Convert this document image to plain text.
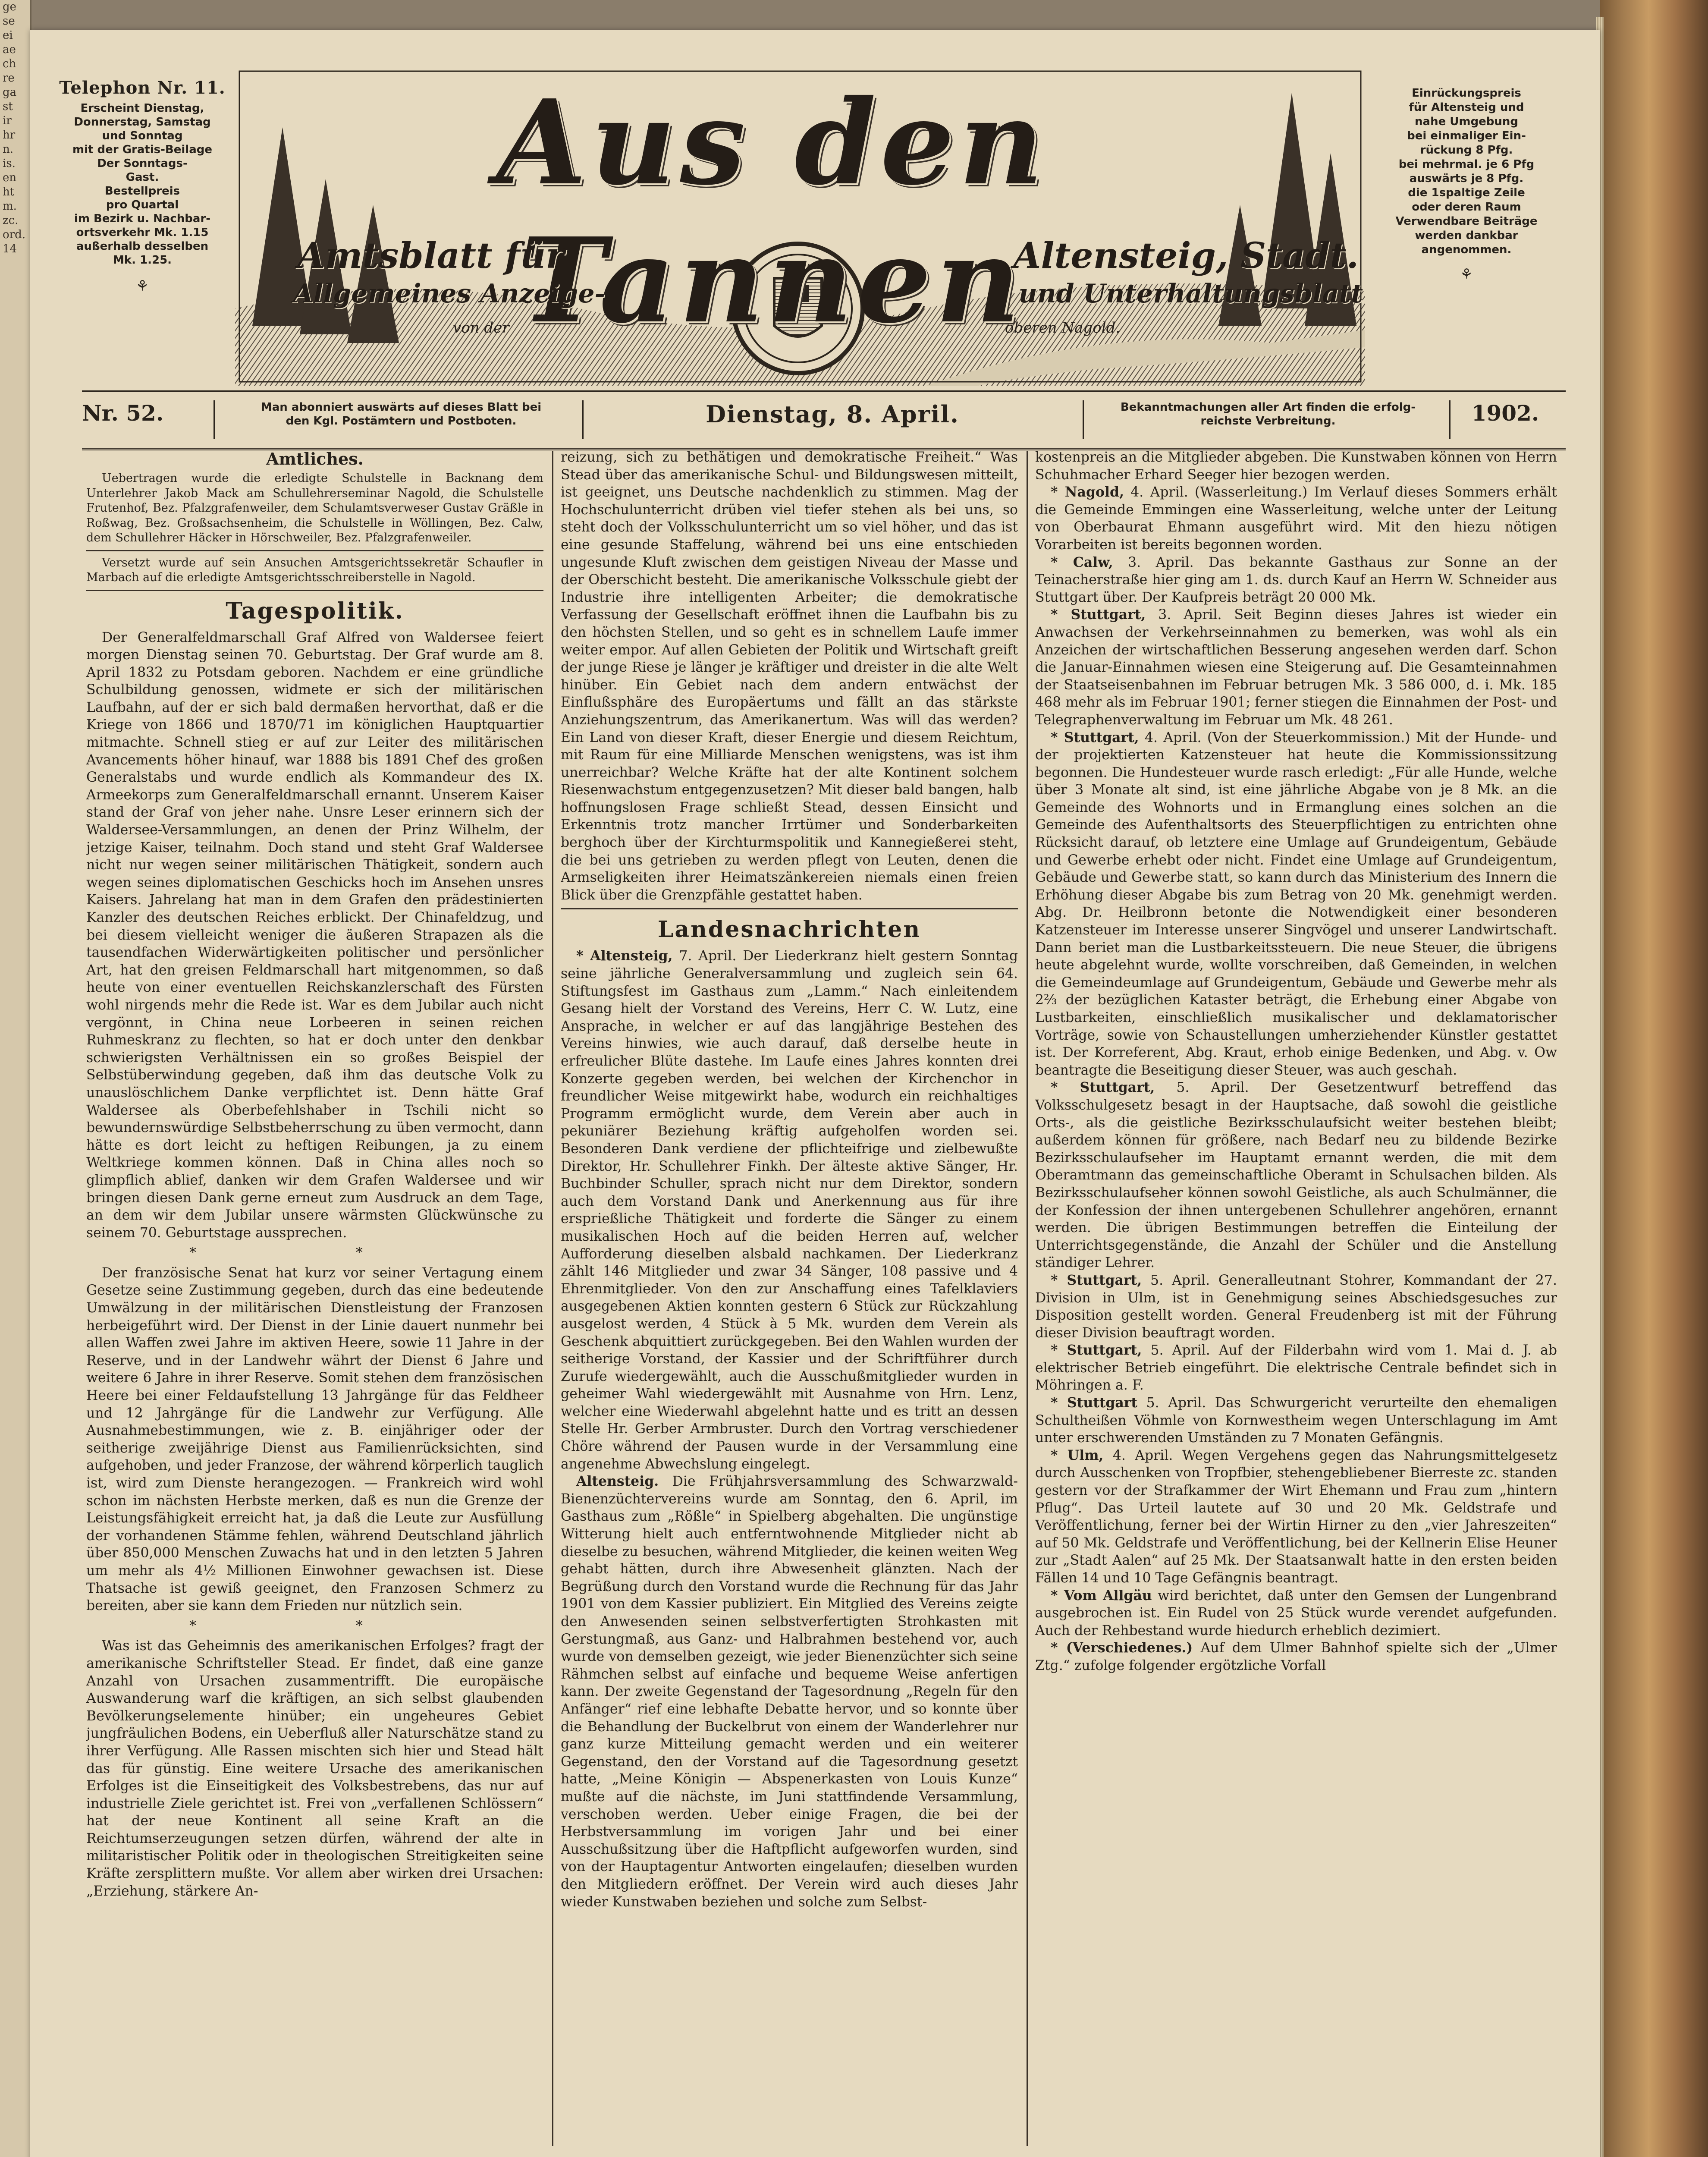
ge
se
ei
ae
ch
re
ga
st
ir
hr
n.
is.
en
ht
m.
zc.
ord.
14
Aus den Tannen
Amtsblatt für	Altensteig, Stadt.
Allgemeines Anzeige-	und Unterhaltungsblatt
von der	oberen Nagold.
Telephon Nr. 11.
Erscheint Dienstag,
Donnerstag, Samstag
und Sonntag
mit der Gratis-Beilage
Der Sonntags-
Gast.
Bestellpreis
pro Quartal
im Bezirk u. Nachbar-
ortsverkehr Mk. 1.15
außerhalb desselben
Mk. 1.25.
⚘
Einrückungspreis
für Altensteig und
nahe Umgebung
bei einmaliger Ein-
rückung 8 Pfg.
bei mehrmal. je 6 Pfg
auswärts je 8 Pfg.
die 1spaltige Zeile
oder deren Raum
Verwendbare Beiträge
werden dankbar
angenommen.
⚘
Nr. 52.	Man abonniert auswärts auf dieses Blatt bei
den Kgl. Postämtern und Postboten.	Dienstag, 8. April.	Bekanntmachungen aller Art finden die erfolg-
reichste Verbreitung.	1902.
Amtliches.

Uebertragen wurde die erledigte Schulstelle in Backnang dem Unterlehrer Jakob Mack am Schullehrerseminar Nagold, die Schulstelle Frutenhof, Bez. Pfalzgrafenweiler, dem Schulamtsverweser Gustav Gräßle in Roßwag, Bez. Großsachsenheim, die Schulstelle in Wöllingen, Bez. Calw, dem Schullehrer Häcker in Hörschweiler, Bez. Pfalzgrafenweiler.

Versetzt wurde auf sein Ansuchen Amtsgerichtssekretär Schaufler in Marbach auf die erledigte Amtsgerichtsschreiberstelle in Nagold.

Tagespolitik.

Der Generalfeldmarschall Graf Alfred von Waldersee feiert morgen Dienstag seinen 70. Geburtstag. Der Graf wurde am 8. April 1832 zu Potsdam geboren. Nachdem er eine gründliche Schulbildung genossen, widmete er sich der militärischen Laufbahn, auf der er sich bald dermaßen hervorthat, daß er die Kriege von 1866 und 1870/71 im königlichen Hauptquartier mitmachte. Schnell stieg er auf zur Leiter des militärischen Avancements höher hinauf, war 1888 bis 1891 Chef des großen Generalstabs und wurde endlich als Kommandeur des IX. Armeekorps zum Generalfeldmarschall ernannt. Unserem Kaiser stand der Graf von jeher nahe. Unsre Leser erinnern sich der Waldersee-Versammlungen, an denen der Prinz Wilhelm, der jetzige Kaiser, teilnahm. Doch stand und steht Graf Waldersee nicht nur wegen seiner militärischen Thätigkeit, sondern auch wegen seines diplomatischen Geschicks hoch im Ansehen unsres Kaisers. Jahrelang hat man in dem Grafen den prädestinierten Kanzler des deutschen Reiches erblickt. Der Chinafeldzug, und bei diesem vielleicht weniger die äußeren Strapazen als die tausendfachen Widerwärtigkeiten politischer und persönlicher Art, hat den greisen Feldmarschall hart mitgenommen, so daß heute von einer eventuellen Reichskanzlerschaft des Fürsten wohl nirgends mehr die Rede ist. War es dem Jubilar auch nicht vergönnt, in China neue Lorbeeren in seinen reichen Ruhmeskranz zu flechten, so hat er doch unter den denkbar schwierigsten Verhältnissen ein so großes Beispiel der Selbstüberwindung gegeben, daß ihm das deutsche Volk zu unauslöschlichem Danke verpflichtet ist. Denn hätte Graf Waldersee als Oberbefehlshaber in Tschili nicht so bewundernswürdige Selbstbeherrschung zu üben vermocht, dann hätte es dort leicht zu heftigen Reibungen, ja zu einem Weltkriege kommen können. Daß in China alles noch so glimpflich ablief, danken wir dem Grafen Waldersee und wir bringen diesen Dank gerne erneut zum Ausdruck an dem Tage, an dem wir dem Jubilar unsere wärmsten Glückwünsche zu seinem 70. Geburtstage aussprechen.

* *

Der französische Senat hat kurz vor seiner Vertagung einem Gesetze seine Zustimmung gegeben, durch das eine bedeutende Umwälzung in der militärischen Dienstleistung der Franzosen herbeigeführt wird. Der Dienst in der Linie dauert nunmehr bei allen Waffen zwei Jahre im aktiven Heere, sowie 11 Jahre in der Reserve, und in der Landwehr währt der Dienst 6 Jahre und weitere 6 Jahre in ihrer Reserve. Somit stehen dem französischen Heere bei einer Feldaufstellung 13 Jahrgänge für das Feldheer und 12 Jahrgänge für die Landwehr zur Verfügung. Alle Ausnahmebestimmungen, wie z. B. einjähriger oder der seitherige zweijährige Dienst aus Familienrücksichten, sind aufgehoben, und jeder Franzose, der während körperlich tauglich ist, wird zum Dienste herangezogen. — Frankreich wird wohl schon im nächsten Herbste merken, daß es nun die Grenze der Leistungsfähigkeit erreicht hat, ja daß die Leute zur Ausfüllung der vorhandenen Stämme fehlen, während Deutschland jährlich über 850,000 Menschen Zuwachs hat und in den letzten 5 Jahren um mehr als 4½ Millionen Einwohner gewachsen ist. Diese Thatsache ist gewiß geeignet, den Franzosen Schmerz zu bereiten, aber sie kann dem Frieden nur nützlich sein.

* *

Was ist das Geheimnis des amerikanischen Erfolges? fragt der amerikanische Schriftsteller Stead. Er findet, daß eine ganze Anzahl von Ursachen zusammentrifft. Die europäische Auswanderung warf die kräftigen, an sich selbst glaubenden Bevölkerungselemente hinüber; ein ungeheures Gebiet jungfräulichen Bodens, ein Ueberfluß aller Naturschätze stand zu ihrer Verfügung. Alle Rassen mischten sich hier und Stead hält das für günstig. Eine weitere Ursache des amerikanischen Erfolges ist die Einseitigkeit des Volksbestrebens, das nur auf industrielle Ziele gerichtet ist. Frei von „verfallenen Schlössern“ hat der neue Kontinent all seine Kraft an die Reichtumserzeugungen setzen dürfen, während der alte in militaristischer Politik oder in theologischen Streitigkeiten seine Kräfte zersplittern mußte. Vor allem aber wirken drei Ursachen: „Erziehung, stärkere An-

reizung, sich zu bethätigen und demokratische Freiheit.“ Was Stead über das amerikanische Schul- und Bildungswesen mitteilt, ist geeignet, uns Deutsche nachdenklich zu stimmen. Mag der Hochschulunterricht drüben viel tiefer stehen als bei uns, so steht doch der Volksschulunterricht um so viel höher, und das ist eine gesunde Staffelung, während bei uns eine entschieden ungesunde Kluft zwischen dem geistigen Niveau der Masse und der Oberschicht besteht. Die amerikanische Volksschule giebt der Industrie ihre intelligenten Arbeiter; die demokratische Verfassung der Gesellschaft eröffnet ihnen die Laufbahn bis zu den höchsten Stellen, und so geht es in schnellem Laufe immer weiter empor. Auf allen Gebieten der Politik und Wirtschaft greift der junge Riese je länger je kräftiger und dreister in die alte Welt hinüber. Ein Gebiet nach dem andern entwächst der Einflußsphäre des Europäertums und fällt an das stärkste Anziehungszentrum, das Amerikanertum. Was will das werden? Ein Land von dieser Kraft, dieser Energie und diesem Reichtum, mit Raum für eine Milliarde Menschen wenigstens, was ist ihm unerreichbar? Welche Kräfte hat der alte Kontinent solchem Riesenwachstum entgegenzusetzen? Mit dieser bald bangen, halb hoffnungslosen Frage schließt Stead, dessen Einsicht und Erkenntnis trotz mancher Irrtümer und Sonderbarkeiten berghoch über der Kirchturmspolitik und Kannegießerei steht, die bei uns getrieben zu werden pflegt von Leuten, denen die Armseligkeiten ihrer Heimatszänkereien niemals einen freien Blick über die Grenzpfähle gestattet haben.

Landesnachrichten

* Altensteig, 7. April. Der Liederkranz hielt gestern Sonntag seine jährliche Generalversammlung und zugleich sein 64. Stiftungsfest im Gasthaus zum „Lamm.“ Nach einleitendem Gesang hielt der Vorstand des Vereins, Herr C. W. Lutz, eine Ansprache, in welcher er auf das langjährige Bestehen des Vereins hinwies, wie auch darauf, daß derselbe heute in erfreulicher Blüte dastehe. Im Laufe eines Jahres konnten drei Konzerte gegeben werden, bei welchen der Kirchenchor in freundlicher Weise mitgewirkt habe, wodurch ein reichhaltiges Programm ermöglicht wurde, dem Verein aber auch in pekuniärer Beziehung kräftig aufgeholfen worden sei. Besonderen Dank verdiene der pflichteifrige und zielbewußte Direktor, Hr. Schullehrer Finkh. Der älteste aktive Sänger, Hr. Buchbinder Schuller, sprach nicht nur dem Direktor, sondern auch dem Vorstand Dank und Anerkennung aus für ihre ersprießliche Thätigkeit und forderte die Sänger zu einem musikalischen Hoch auf die beiden Herren auf, welcher Aufforderung dieselben alsbald nachkamen. Der Liederkranz zählt 146 Mitglieder und zwar 34 Sänger, 108 passive und 4 Ehrenmitglieder. Von den zur Anschaffung eines Tafelklaviers ausgegebenen Aktien konnten gestern 6 Stück zur Rückzahlung ausgelost werden, 4 Stück à 5 Mk. wurden dem Verein als Geschenk abquittiert zurückgegeben. Bei den Wahlen wurden der seitherige Vorstand, der Kassier und der Schriftführer durch Zurufe wiedergewählt, auch die Ausschußmitglieder wurden in geheimer Wahl wiedergewählt mit Ausnahme von Hrn. Lenz, welcher eine Wiederwahl abgelehnt hatte und es tritt an dessen Stelle Hr. Gerber Armbruster. Durch den Vortrag verschiedener Chöre während der Pausen wurde in der Versammlung eine angenehme Abwechslung eingelegt.

Altensteig. Die Frühjahrsversammlung des Schwarzwald-Bienenzüchtervereins wurde am Sonntag, den 6. April, im Gasthaus zum „Rößle“ in Spielberg abgehalten. Die ungünstige Witterung hielt auch entferntwohnende Mitglieder nicht ab dieselbe zu besuchen, während Mitglieder, die keinen weiten Weg gehabt hätten, durch ihre Abwesenheit glänzten. Nach der Begrüßung durch den Vorstand wurde die Rechnung für das Jahr 1901 von dem Kassier publiziert. Ein Mitglied des Vereins zeigte den Anwesenden seinen selbstverfertigten Strohkasten mit Gerstungmaß, aus Ganz- und Halbrahmen bestehend vor, auch wurde von demselben gezeigt, wie jeder Bienenzüchter sich seine Rähmchen selbst auf einfache und bequeme Weise anfertigen kann. Der zweite Gegenstand der Tagesordnung „Regeln für den Anfänger“ rief eine lebhafte Debatte hervor, und so konnte über die Behandlung der Buckelbrut von einem der Wanderlehrer nur ganz kurze Mitteilung gemacht werden und ein weiterer Gegenstand, den der Vorstand auf die Tagesordnung gesetzt hatte, „Meine Königin — Abspenerkasten von Louis Kunze“ mußte auf die nächste, im Juni stattfindende Versammlung, verschoben werden. Ueber einige Fragen, die bei der Herbstversammlung im vorigen Jahr und bei einer Ausschußsitzung über die Haftpflicht aufgeworfen wurden, sind von der Hauptagentur Antworten eingelaufen; dieselben wurden den Mitgliedern eröffnet. Der Verein wird auch dieses Jahr wieder Kunstwaben beziehen und solche zum Selbst-

kostenpreis an die Mitglieder abgeben. Die Kunstwaben können von Herrn Schuhmacher Erhard Seeger hier bezogen werden.

* Nagold, 4. April. (Wasserleitung.) Im Verlauf dieses Sommers erhält die Gemeinde Emmingen eine Wasserleitung, welche unter der Leitung von Oberbaurat Ehmann ausgeführt wird. Mit den hiezu nötigen Vorarbeiten ist bereits begonnen worden.

* Calw, 3. April. Das bekannte Gasthaus zur Sonne an der Teinacherstraße hier ging am 1. ds. durch Kauf an Herrn W. Schneider aus Stuttgart über. Der Kaufpreis beträgt 20 000 Mk.

* Stuttgart, 3. April. Seit Beginn dieses Jahres ist wieder ein Anwachsen der Verkehrseinnahmen zu bemerken, was wohl als ein Anzeichen der wirtschaftlichen Besserung angesehen werden darf. Schon die Januar-Einnahmen wiesen eine Steigerung auf. Die Gesamteinnahmen der Staatseisenbahnen im Februar betrugen Mk. 3 586 000, d. i. Mk. 185 468 mehr als im Februar 1901; ferner stiegen die Einnahmen der Post- und Telegraphenverwaltung im Februar um Mk. 48 261.

* Stuttgart, 4. April. (Von der Steuerkommission.) Mit der Hunde- und der projektierten Katzensteuer hat heute die Kommissionssitzung begonnen. Die Hundesteuer wurde rasch erledigt: „Für alle Hunde, welche über 3 Monate alt sind, ist eine jährliche Abgabe von je 8 Mk. an die Gemeinde des Wohnorts und in Ermanglung eines solchen an die Gemeinde des Aufenthaltsorts des Steuerpflichtigen zu entrichten ohne Rücksicht darauf, ob letztere eine Umlage auf Grundeigentum, Gebäude und Gewerbe erhebt oder nicht. Findet eine Umlage auf Grundeigentum, Gebäude und Gewerbe statt, so kann durch das Ministerium des Innern die Erhöhung dieser Abgabe bis zum Betrag von 20 Mk. genehmigt werden. Abg. Dr. Heilbronn betonte die Notwendigkeit einer besonderen Katzensteuer im Interesse unserer Singvögel und unserer Landwirtschaft. Dann beriet man die Lustbarkeitssteuern. Die neue Steuer, die übrigens heute abgelehnt wurde, wollte vorschreiben, daß Gemeinden, in welchen die Gemeindeumlage auf Grundeigentum, Gebäude und Gewerbe mehr als 2⅔ der bezüglichen Kataster beträgt, die Erhebung einer Abgabe von Lustbarkeiten, einschließlich musikalischer und deklamatorischer Vorträge, sowie von Schaustellungen umherziehender Künstler gestattet ist. Der Korreferent, Abg. Kraut, erhob einige Bedenken, und Abg. v. Ow beantragte die Beseitigung dieser Steuer, was auch geschah.

* Stuttgart, 5. April. Der Gesetzentwurf betreffend das Volksschulgesetz besagt in der Hauptsache, daß sowohl die geistliche Orts-, als die geistliche Bezirksschulaufsicht weiter bestehen bleibt; außerdem können für größere, nach Bedarf neu zu bildende Bezirke Bezirksschulaufseher im Hauptamt ernannt werden, die mit dem Oberamtmann das gemeinschaftliche Oberamt in Schulsachen bilden. Als Bezirksschulaufseher können sowohl Geistliche, als auch Schulmänner, die der Konfession der ihnen untergebenen Schullehrer angehören, ernannt werden. Die übrigen Bestimmungen betreffen die Einteilung der Unterrichtsgegenstände, die Anzahl der Schüler und die Anstellung ständiger Lehrer.

* Stuttgart, 5. April. Generalleutnant Stohrer, Kommandant der 27. Division in Ulm, ist in Genehmigung seines Abschiedsgesuches zur Disposition gestellt worden. General Freudenberg ist mit der Führung dieser Division beauftragt worden.

* Stuttgart, 5. April. Auf der Filderbahn wird vom 1. Mai d. J. ab elektrischer Betrieb eingeführt. Die elektrische Centrale befindet sich in Möhringen a. F.

* Stuttgart 5. April. Das Schwurgericht verurteilte den ehemaligen Schultheißen Vöhmle von Kornwestheim wegen Unterschlagung im Amt unter erschwerenden Umständen zu 7 Monaten Gefängnis.

* Ulm, 4. April. Wegen Vergehens gegen das Nahrungsmittelgesetz durch Ausschenken von Tropfbier, stehengebliebener Bierreste zc. standen gestern vor der Strafkammer der Wirt Ehemann und Frau zum „hintern Pflug“. Das Urteil lautete auf 30 und 20 Mk. Geldstrafe und Veröffentlichung, ferner bei der Wirtin Hirner zu den „vier Jahreszeiten“ auf 50 Mk. Geldstrafe und Veröffentlichung, bei der Kellnerin Elise Heuner zur „Stadt Aalen“ auf 25 Mk. Der Staatsanwalt hatte in den ersten beiden Fällen 14 und 10 Tage Gefängnis beantragt.

* Vom Allgäu wird berichtet, daß unter den Gemsen der Lungenbrand ausgebrochen ist. Ein Rudel von 25 Stück wurde verendet aufgefunden. Auch der Rehbestand wurde hiedurch erheblich dezimiert.

* (Verschiedenes.) Auf dem Ulmer Bahnhof spielte sich der „Ulmer Ztg.“ zufolge folgender ergötzliche Vorfall
